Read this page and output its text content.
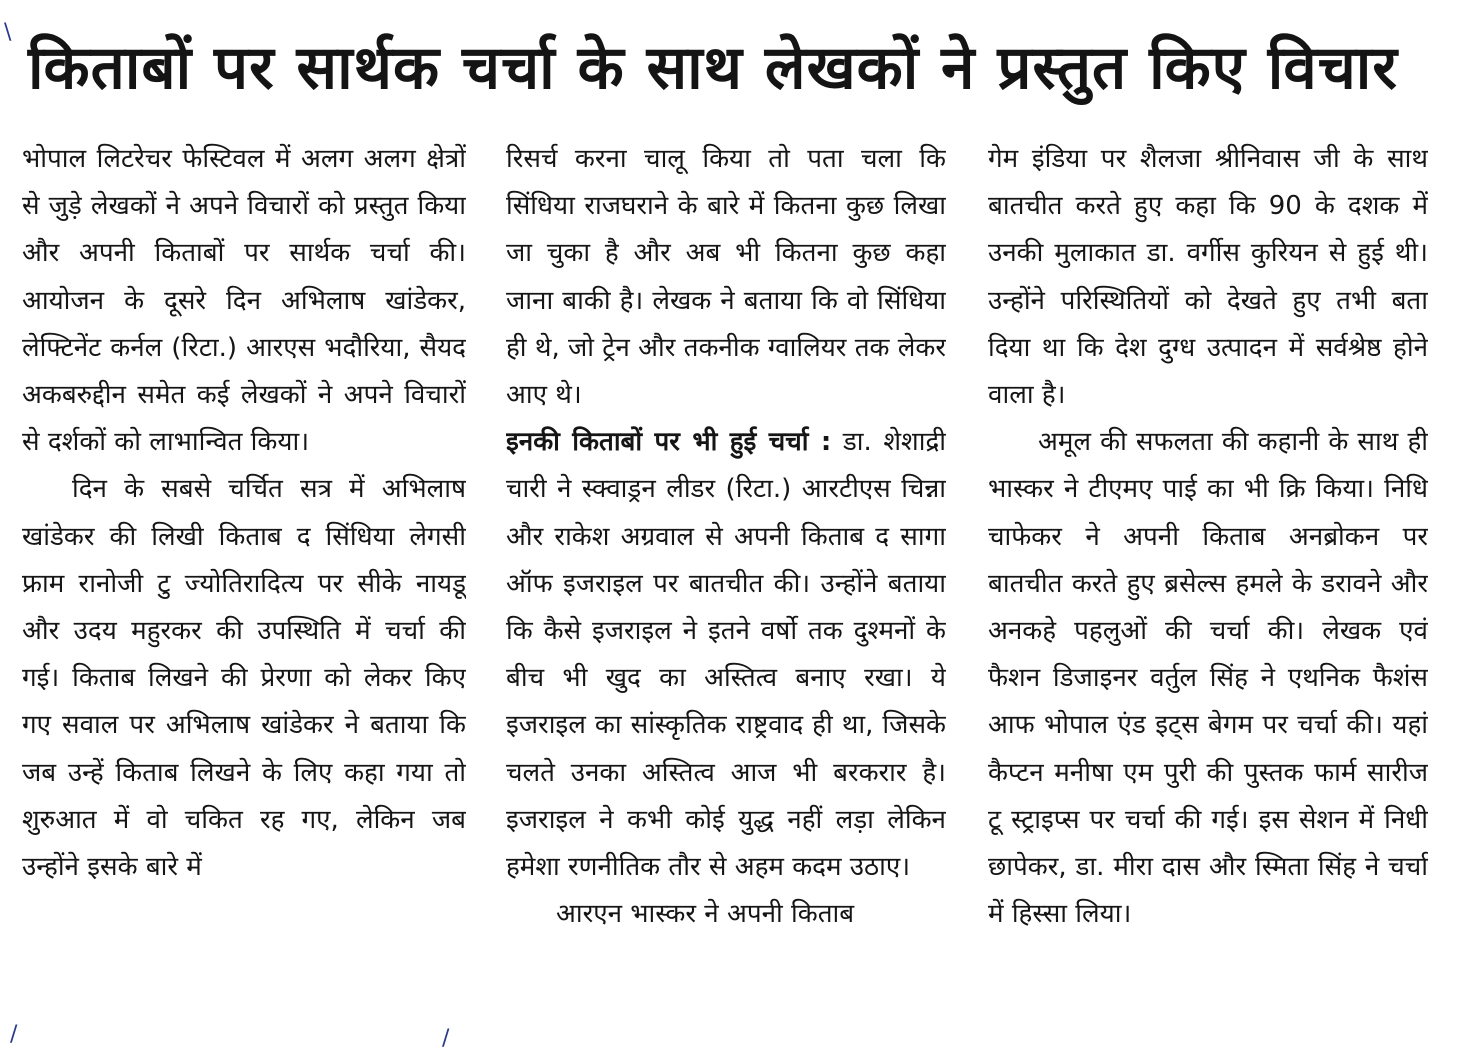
\
किताबों पर सार्थक चर्चा के साथ लेखकों ने प्रस्तुत किए विचार

भोपाल लिटरेचर फेस्टिवल में अलग अलग क्षेत्रों से जुड़े लेखकों ने अपने विचारों को प्रस्तुत किया और अपनी किताबों पर सार्थक चर्चा की। आयोजन के दूसरे दिन अभिलाष खांडेकर, लेफ्टिनेंट कर्नल (रिटा.) आरएस भदौरिया, सैयद अकबरुद्दीन समेत कई लेखकों ने अपने विचारों से दर्शकों को लाभान्वित किया।

दिन के सबसे चर्चित सत्र में अभिलाष खांडेकर की लिखी किताब द सिंधिया लेगसी फ्राम रानोजी टु ज्योतिरादित्य पर सीके नायडू और उदय महुरकर की उपस्थिति में चर्चा की गई। किताब लिखने की प्रेरणा को लेकर किए गए सवाल पर अभिलाष खांडेकर ने बताया कि जब उन्हें किताब लिखने के लिए कहा गया तो शुरुआत में वो चकित रह गए, लेकिन जब उन्होंने इसके बारे में

रिसर्च करना चालू किया तो पता चला कि सिंधिया राजघराने के बारे में कितना कुछ लिखा जा चुका है और अब भी कितना कुछ कहा जाना बाकी है। लेखक ने बताया कि वो सिंधिया ही थे, जो ट्रेन और तकनीक ग्वालियर तक लेकर आए थे।

इनकी किताबों पर भी हुई चर्चा : डा. शेशाद्री चारी ने स्क्वाड्रन लीडर (रिटा.) आरटीएस चिन्ना और राकेश अग्रवाल से अपनी किताब द सागा ऑफ इजराइल पर बातचीत की। उन्होंने बताया कि कैसे इजराइल ने इतने वर्षो तक दुश्मनों के बीच भी खुद का अस्तित्व बनाए रखा। ये इजराइल का सांस्कृतिक राष्ट्रवाद ही था, जिसके चलते उनका अस्तित्व आज भी बरकरार है। इजराइल ने कभी कोई युद्ध नहीं लड़ा लेकिन हमेशा रणनीतिक तौर से अहम कदम उठाए।

आरएन भास्कर ने अपनी किताब

गेम इंडिया पर शैलजा श्रीनिवास जी के साथ बातचीत करते हुए कहा कि 90 के दशक में उनकी मुलाकात डा. वर्गीस कुरियन से हुई थी। उन्होंने परिस्थितियों को देखते हुए तभी बता दिया था कि देश दुग्ध उत्पादन में सर्वश्रेष्ठ होने वाला है।

अमूल की सफलता की कहानी के साथ ही भास्कर ने टीएमए पाई का भी क्रि किया। निधि चाफेकर ने अपनी किताब अनब्रोकन पर बातचीत करते हुए ब्रसेल्स हमले के डरावने और अनकहे पहलुओं की चर्चा की। लेखक एवं फैशन डिजाइनर वर्तुल सिंह ने एथनिक फैशंस आफ भोपाल एंड इट्स बेगम पर चर्चा की। यहां कैप्टन मनीषा एम पुरी की पुस्तक फार्म सारीज टू स्ट्राइप्स पर चर्चा की गई। इस सेशन में निधी छापेकर, डा. मीरा दास और स्मिता सिंह ने चर्चा में हिस्सा लिया।

/	/
